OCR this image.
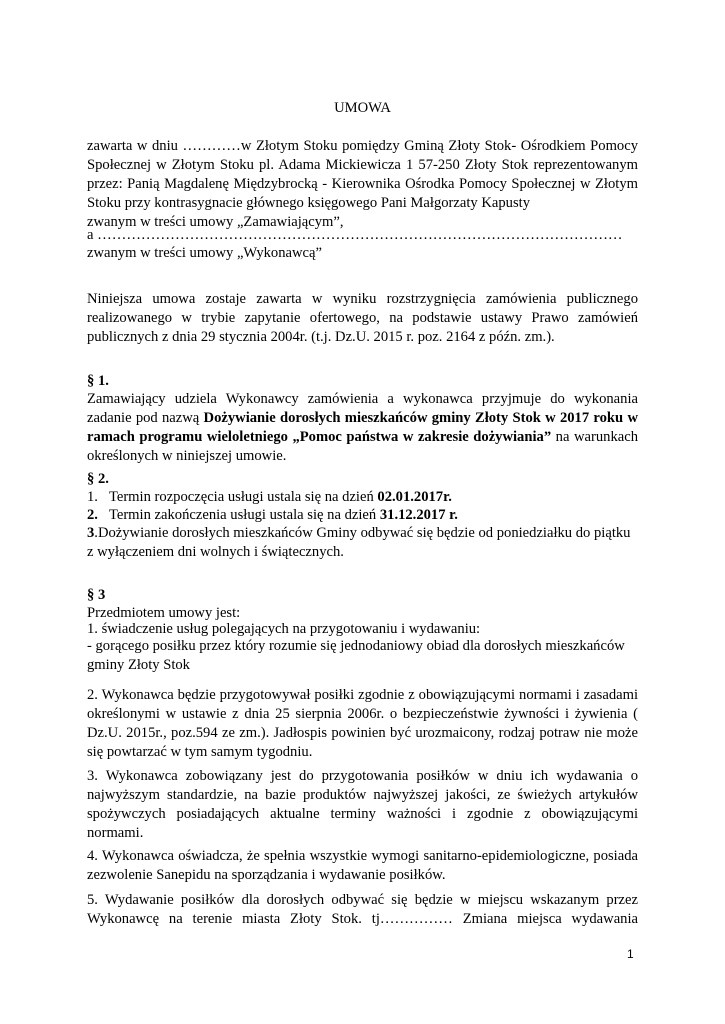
UMOWA

zawarta w dniu …………w Złotym Stoku pomiędzy Gminą Złoty Stok- Ośrodkiem Pomocy Społecznej w Złotym Stoku pl. Adama Mickiewicza 1 57-250 Złoty Stok reprezentowanym przez: Panią Magdalenę Międzybrocką - Kierownika Ośrodka Pomocy Społecznej w Złotym Stoku przy kontrasygnacie głównego księgowego Pani Małgorzaty Kapusty

zwanym w treści umowy „Zamawiającym”,

a ………………………………………………………………………………………………

zwanym w treści umowy „Wykonawcą”

Niniejsza umowa zostaje zawarta w wyniku rozstrzygnięcia zamówienia publicznego realizowanego w trybie zapytanie ofertowego, na podstawie ustawy Prawo zamówień publicznych z dnia 29 stycznia 2004r. (t.j. Dz.U. 2015 r. poz. 2164 z późn. zm.).

§ 1.

Zamawiający udziela Wykonawcy zamówienia a wykonawca przyjmuje do wykonania zadanie pod nazwą Dożywianie dorosłych mieszkańców gminy Złoty Stok w 2017 roku w ramach programu wieloletniego „Pomoc państwa w zakresie dożywiania” na warunkach określonych w niniejszej umowie.

§ 2.

1. Termin rozpoczęcia usługi ustala się na dzień 02.01.2017r.

2. Termin zakończenia usługi ustala się na dzień 31.12.2017 r.

3.Dożywianie dorosłych mieszkańców Gminy odbywać się będzie od poniedziałku do piątku z wyłączeniem dni wolnych i świątecznych.

§ 3

Przedmiotem umowy jest:

1. świadczenie usług polegających na przygotowaniu i wydawaniu:

- gorącego posiłku przez który rozumie się jednodaniowy obiad dla dorosłych mieszkańców gminy Złoty Stok

2. Wykonawca będzie przygotowywał posiłki zgodnie z obowiązującymi normami i zasadami określonymi w ustawie z dnia 25 sierpnia 2006r. o bezpieczeństwie żywności i żywienia ( Dz.U. 2015r., poz.594 ze zm.). Jadłospis powinien być urozmaicony, rodzaj potraw nie może się powtarzać w tym samym tygodniu.

3. Wykonawca zobowiązany jest do przygotowania posiłków w dniu ich wydawania o najwyższym standardzie, na bazie produktów najwyższej jakości, ze świeżych artykułów spożywczych posiadających aktualne terminy ważności i zgodnie z obowiązującymi normami.

4. Wykonawca oświadcza, że spełnia wszystkie wymogi sanitarno-epidemiologiczne, posiada zezwolenie Sanepidu na sporządzania i wydawanie posiłków.

5. Wydawanie posiłków dla dorosłych odbywać się będzie w miejscu wskazanym przez Wykonawcę na terenie miasta Złoty Stok. tj…………… Zmiana miejsca wydawania

1
